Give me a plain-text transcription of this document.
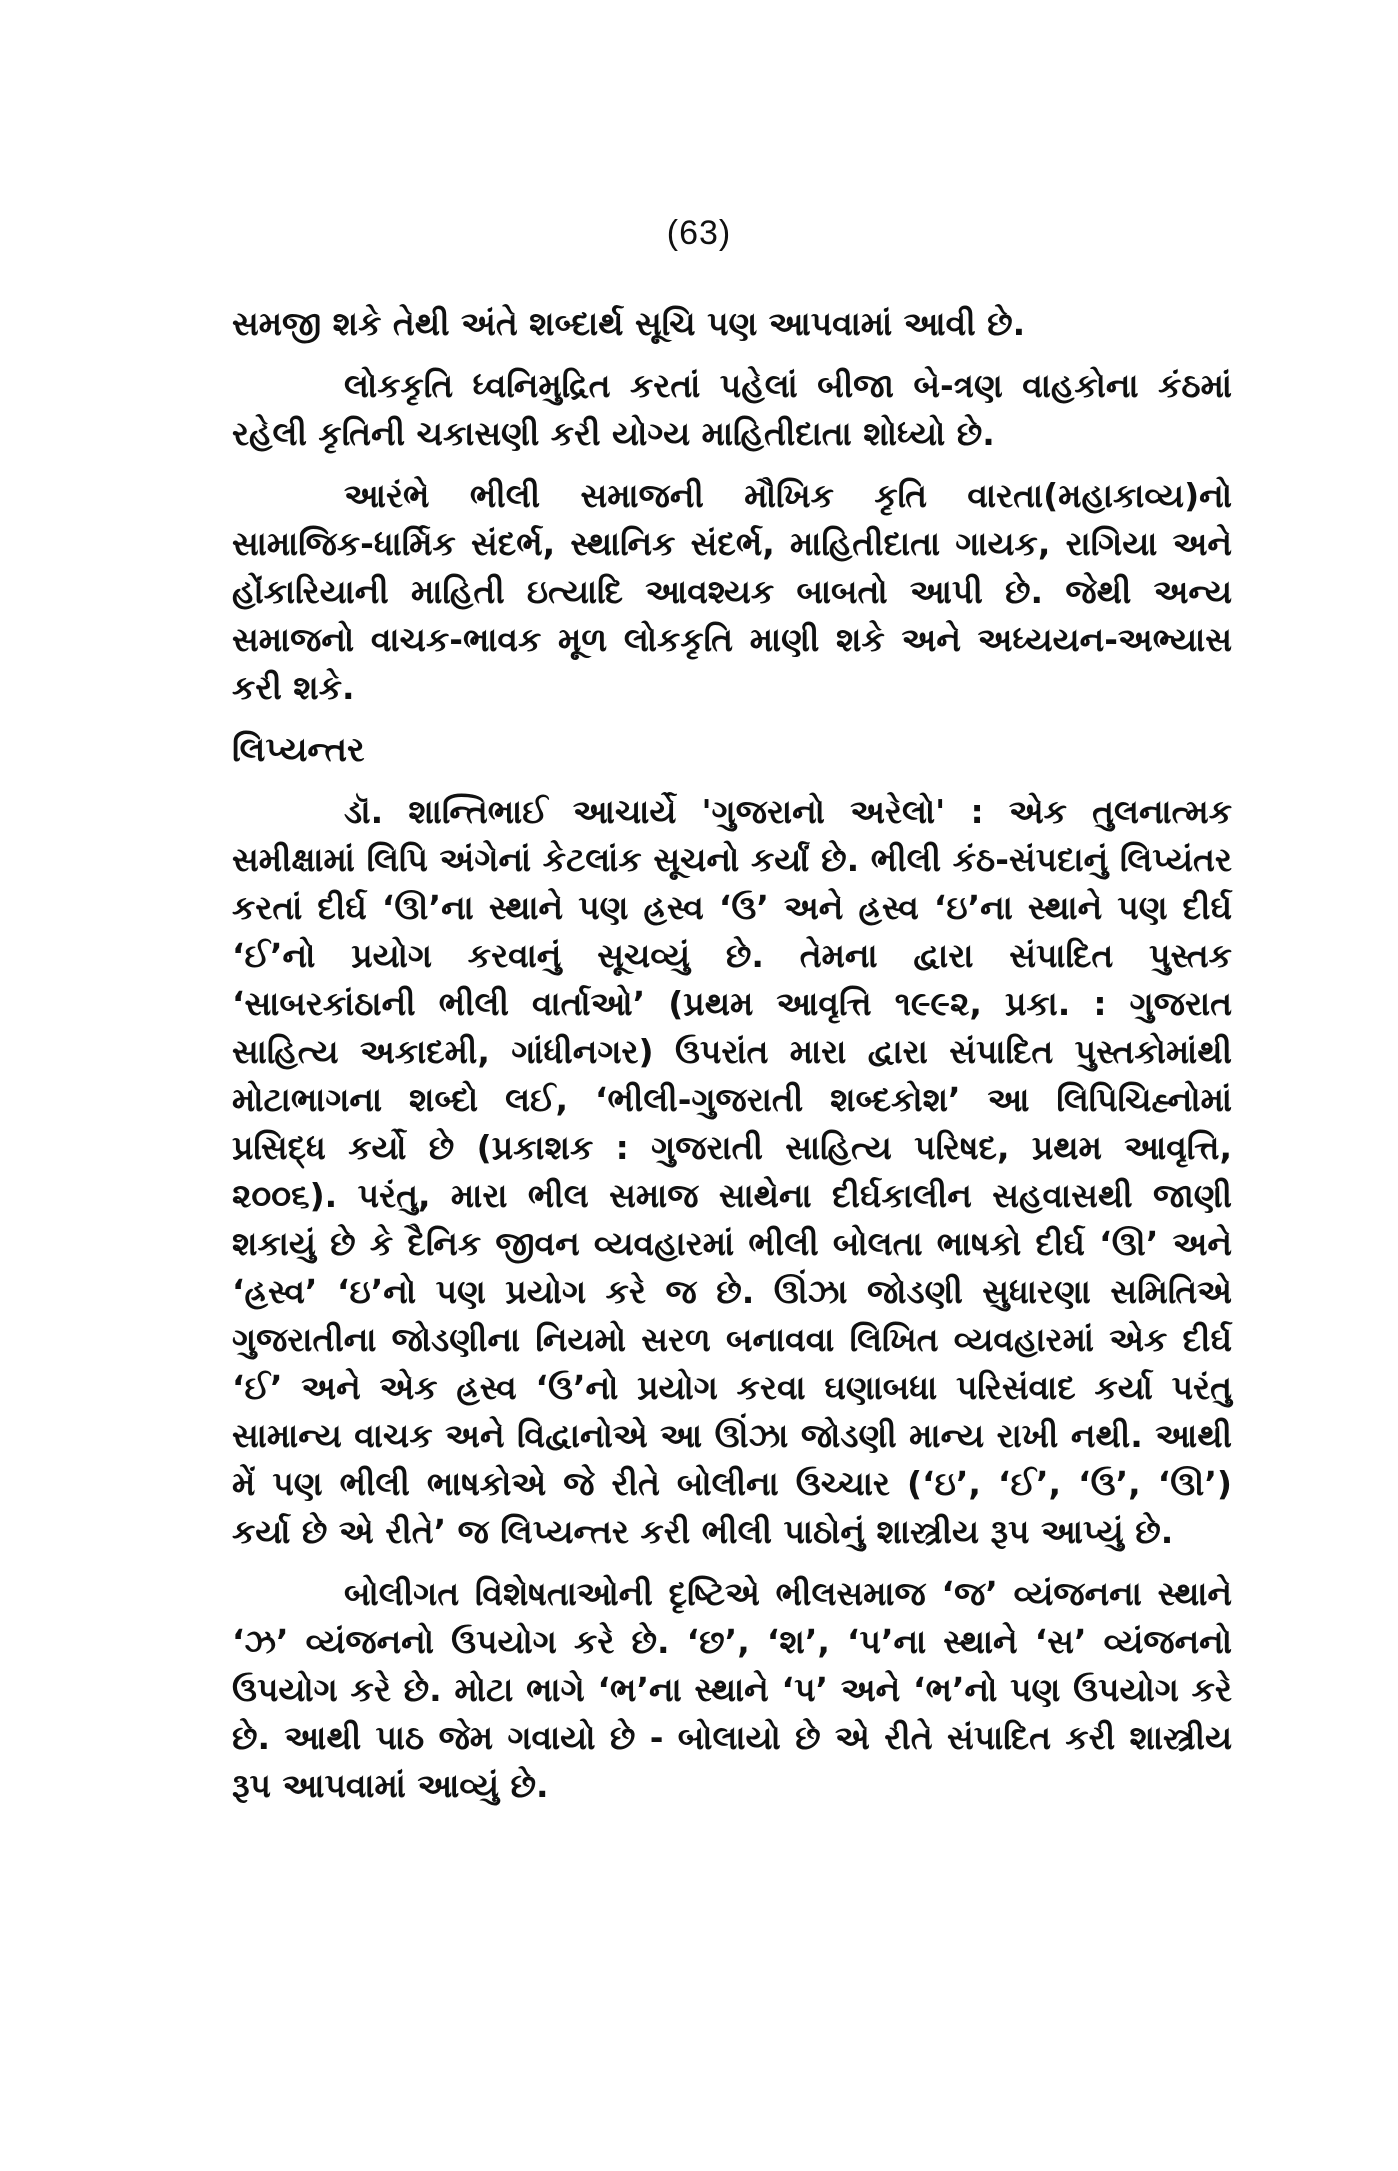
(63)

સમજી શકે તેથી અંતે શબ્દાર્થ સૂચિ પણ આપવામાં આવી છે.

લોકકૃતિ ધ્વનિમુદ્રિત કરતાં પહેલાં બીજા બે-ત્રણ વાહકોના કંઠમાં રહેલી કૃતિની ચકાસણી કરી યોગ્ય માહિતીદાતા શોધ્યો છે.

આરંભે ભીલી સમાજની મૌખિક કૃતિ વારતા(મહાકાવ્ય)નો સામાજિક-ધાર્મિક સંદર્ભ, સ્થાનિક સંદર્ભ, માહિતીદાતા ગાયક, રાગિયા અને હોંકારિયાની માહિતી ઇત્યાદિ આવશ્યક બાબતો આપી છે. જેથી અન્ય સમાજનો વાચક-ભાવક મૂળ લોકકૃતિ માણી શકે અને અધ્યયન-અભ્યાસ કરી શકે.

લિપ્યન્તર

ડૉ. શાન્તિભાઈ આચાર્યે 'ગુજરાનો અરેલો' : એક તુલનાત્મક સમીક્ષામાં લિપિ અંગેનાં કેટલાંક સૂચનો કર્યાં છે. ભીલી કંઠ-સંપદાનું લિપ્યંતર કરતાં દીર્ઘ ‘ઊ’ના સ્થાને પણ હ્રસ્વ ‘ઉ’ અને હ્રસ્વ ‘ઇ’ના સ્થાને પણ દીર્ઘ ‘ઈ’નો પ્રયોગ કરવાનું સૂચવ્યું છે. તેમના દ્વારા સંપાદિત પુસ્તક ‘સાબરકાંઠાની ભીલી વાર્તાઓ’ (પ્રથમ આવૃત્તિ ૧૯૯૨, પ્રકા. : ગુજરાત સાહિત્ય અકાદમી, ગાંધીનગર) ઉપરાંત મારા દ્વારા સંપાદિત પુસ્તકોમાંથી મોટાભાગના શબ્દો લઈ, ‘ભીલી-ગુજરાતી શબ્દકોશ’ આ લિપિચિહ્નોમાં પ્રસિદ્ધ કર્યો છે (પ્રકાશક : ગુજરાતી સાહિત્ય પરિષદ, પ્રથમ આવૃત્તિ, ૨૦૦૬). પરંતુ, મારા ભીલ સમાજ સાથેના દીર્ઘકાલીન સહવાસથી જાણી શકાયું છે કે દૈનિક જીવન વ્યવહારમાં ભીલી બોલતા ભાષકો દીર્ઘ ‘ઊ’ અને ‘હ્રસ્વ’ ‘ઇ’નો પણ પ્રયોગ કરે જ છે. ઊંઝા જોડણી સુધારણા સમિતિએ ગુજરાતીના જોડણીના નિયમો સરળ બનાવવા લિખિત વ્યવહારમાં એક દીર્ઘ ‘ઈ’ અને એક હ્રસ્વ ‘ઉ’નો પ્રયોગ કરવા ઘણાબધા પરિસંવાદ કર્યા પરંતુ સામાન્ય વાચક અને વિદ્વાનોએ આ ઊંઝા જોડણી માન્ય રાખી નથી. આથી મેં પણ ભીલી ભાષકોએ જે રીતે બોલીના ઉચ્ચાર (‘ઇ’, ‘ઈ’, ‘ઉ’, ‘ઊ’) કર્યા છે એ રીતે’ જ લિપ્યન્તર કરી ભીલી પાઠોનું શાસ્ત્રીય રૂપ આપ્યું છે.

બોલીગત વિશેષતાઓની દૃષ્ટિએ ભીલસમાજ ‘જ’ વ્યંજનના સ્થાને ‘ઝ’ વ્યંજનનો ઉપયોગ કરે છે. ‘છ’, ‘શ’, ‘પ’ના સ્થાને ‘સ’ વ્યંજનનો ઉપયોગ કરે છે. મોટા ભાગે ‘ભ’ના સ્થાને ‘પ’ અને ‘ભ’નો પણ ઉપયોગ કરે છે. આથી પાઠ જેમ ગવાયો છે - બોલાયો છે એ રીતે સંપાદિત કરી શાસ્ત્રીય રૂપ આપવામાં આવ્યું છે.
